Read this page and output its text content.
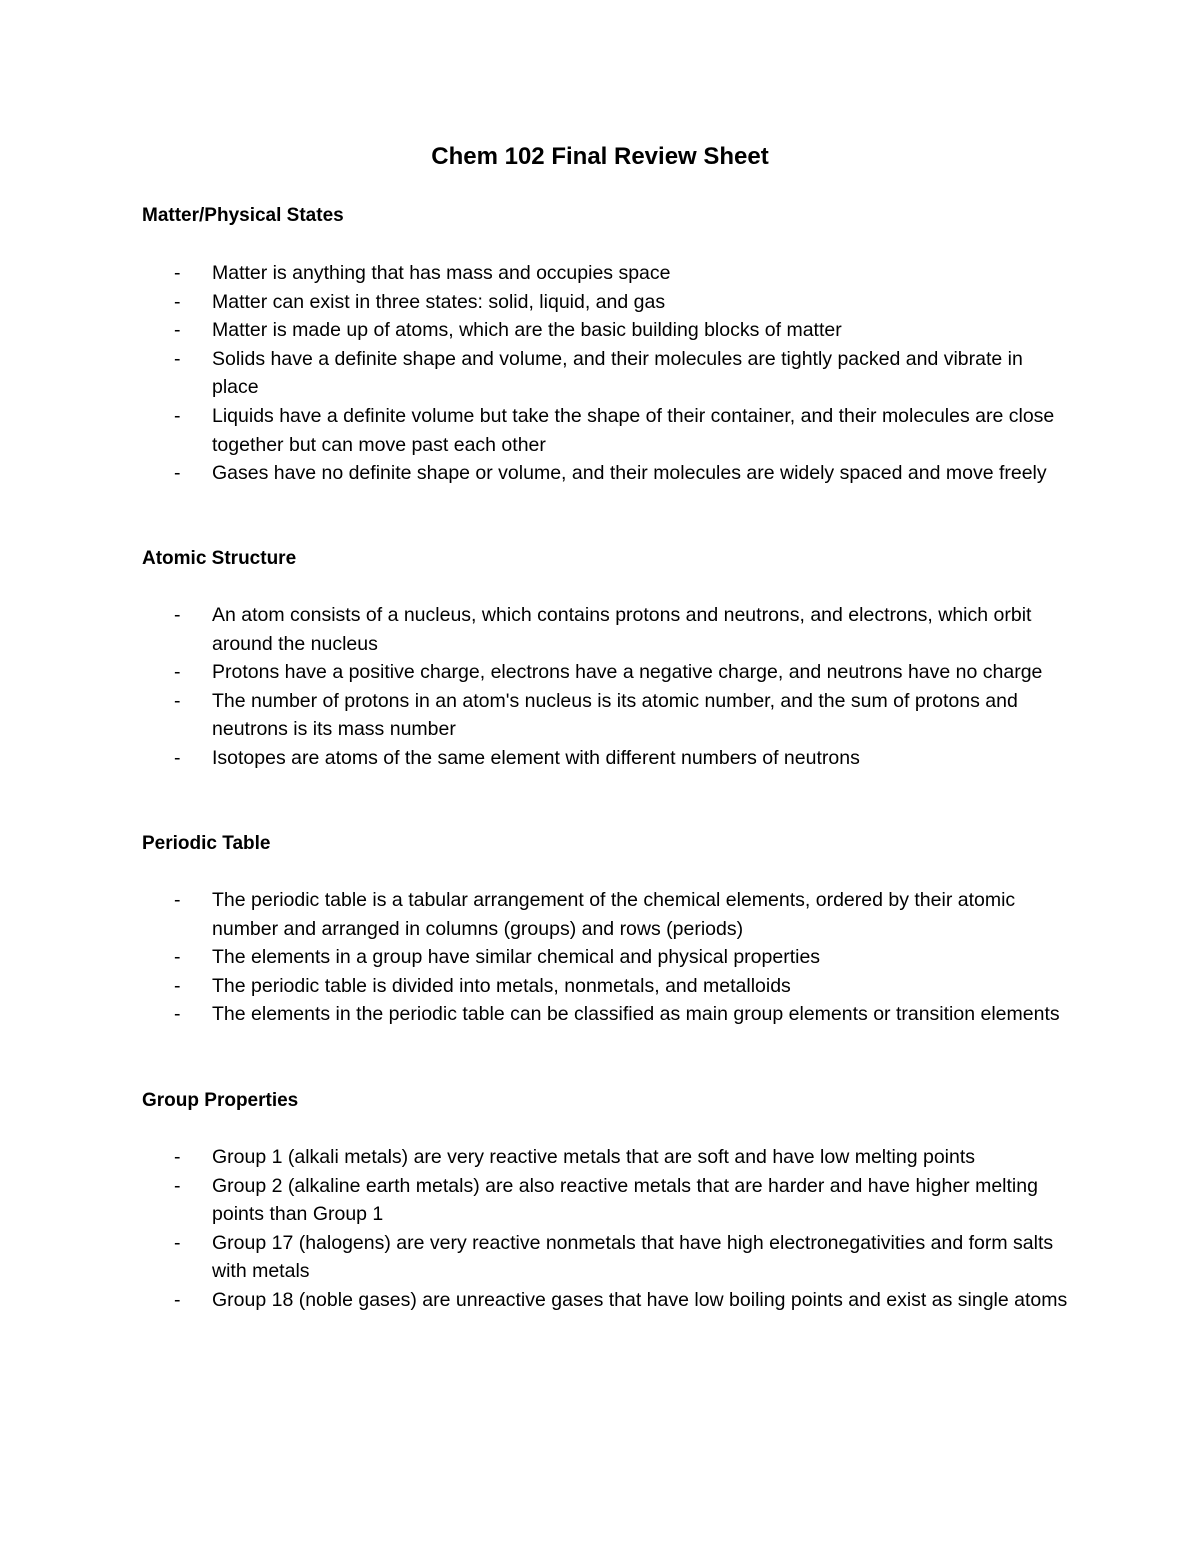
Chem 102 Final Review Sheet
Matter/Physical States
- Matter is anything that has mass and occupies space
- Matter can exist in three states: solid, liquid, and gas
- Matter is made up of atoms, which are the basic building blocks of matter
- Solids have a definite shape and volume, and their molecules are tightly packed and vibrate in place
- Liquids have a definite volume but take the shape of their container, and their molecules are close together but can move past each other
- Gases have no definite shape or volume, and their molecules are widely spaced and move freely
Atomic Structure
- An atom consists of a nucleus, which contains protons and neutrons, and electrons, which orbit around the nucleus
- Protons have a positive charge, electrons have a negative charge, and neutrons have no charge
- The number of protons in an atom's nucleus is its atomic number, and the sum of protons and neutrons is its mass number
- Isotopes are atoms of the same element with different numbers of neutrons
Periodic Table
- The periodic table is a tabular arrangement of the chemical elements, ordered by their atomic number and arranged in columns (groups) and rows (periods)
- The elements in a group have similar chemical and physical properties
- The periodic table is divided into metals, nonmetals, and metalloids
- The elements in the periodic table can be classified as main group elements or transition elements
Group Properties
- Group 1 (alkali metals) are very reactive metals that are soft and have low melting points
- Group 2 (alkaline earth metals) are also reactive metals that are harder and have higher melting points than Group 1
- Group 17 (halogens) are very reactive nonmetals that have high electronegativities and form salts with metals
- Group 18 (noble gases) are unreactive gases that have low boiling points and exist as single atoms
